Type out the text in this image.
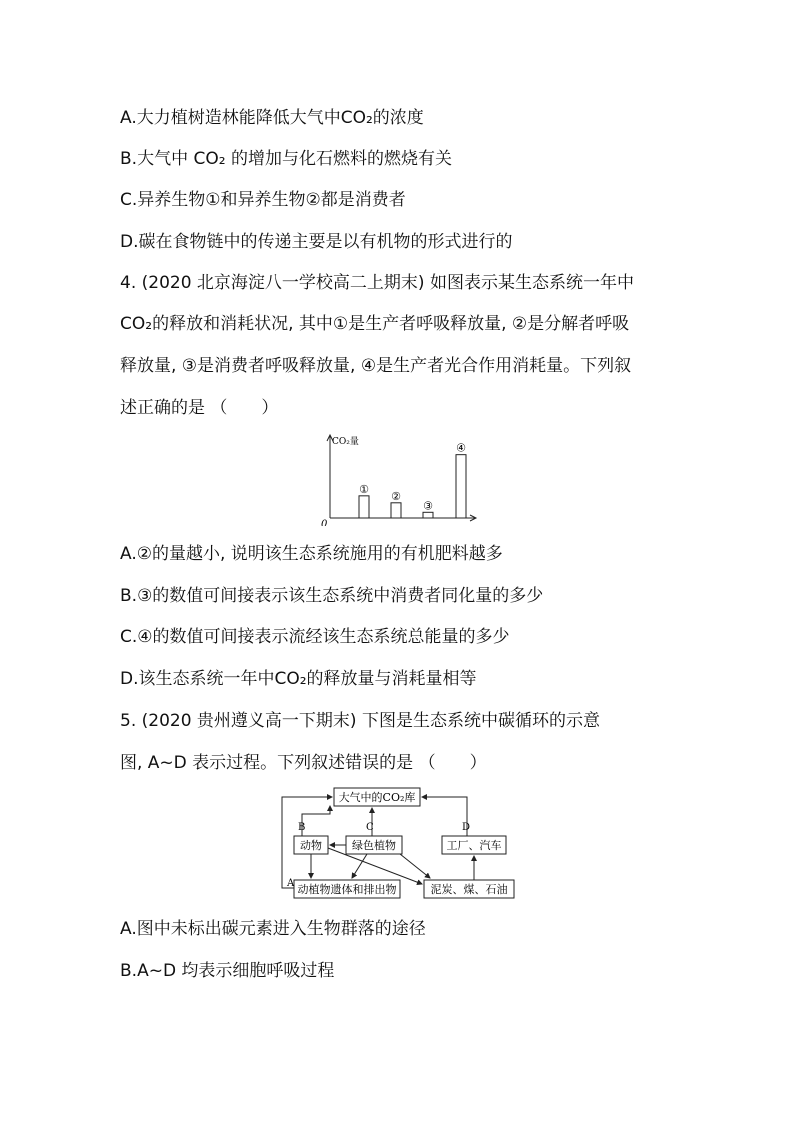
A.大力植树造林能降低大气中CO₂的浓度
B.大气中 CO₂ 的增加与化石燃料的燃烧有关
C.异养生物①和异养生物②都是消费者
D.碳在食物链中的传递主要是以有机物的形式进行的
4. (2020 北京海淀八一学校高二上期末) 如图表示某生态系统一年中
CO₂的释放和消耗状况, 其中①是生产者呼吸释放量, ②是分解者呼吸
释放量, ③是消费者呼吸释放量, ④是生产者光合作用消耗量。下列叙
述正确的是 （　　）
CO₂量
0
①
②
③
④
A.②的量越小, 说明该生态系统施用的有机肥料越多
B.③的数值可间接表示该生态系统中消费者同化量的多少
C.④的数值可间接表示流经该生态系统总能量的多少
D.该生态系统一年中CO₂的释放量与消耗量相等
5. (2020 贵州遵义高一下期末) 下图是生态系统中碳循环的示意
图, A~D 表示过程。下列叙述错误的是 （　　）
大气中的CO₂库
动物	绿色植物	工厂、汽车
动植物遗体和排出物	泥炭、煤、石油
A
B	C	D
A.图中未标出碳元素进入生物群落的途径
B.A~D 均表示细胞呼吸过程
